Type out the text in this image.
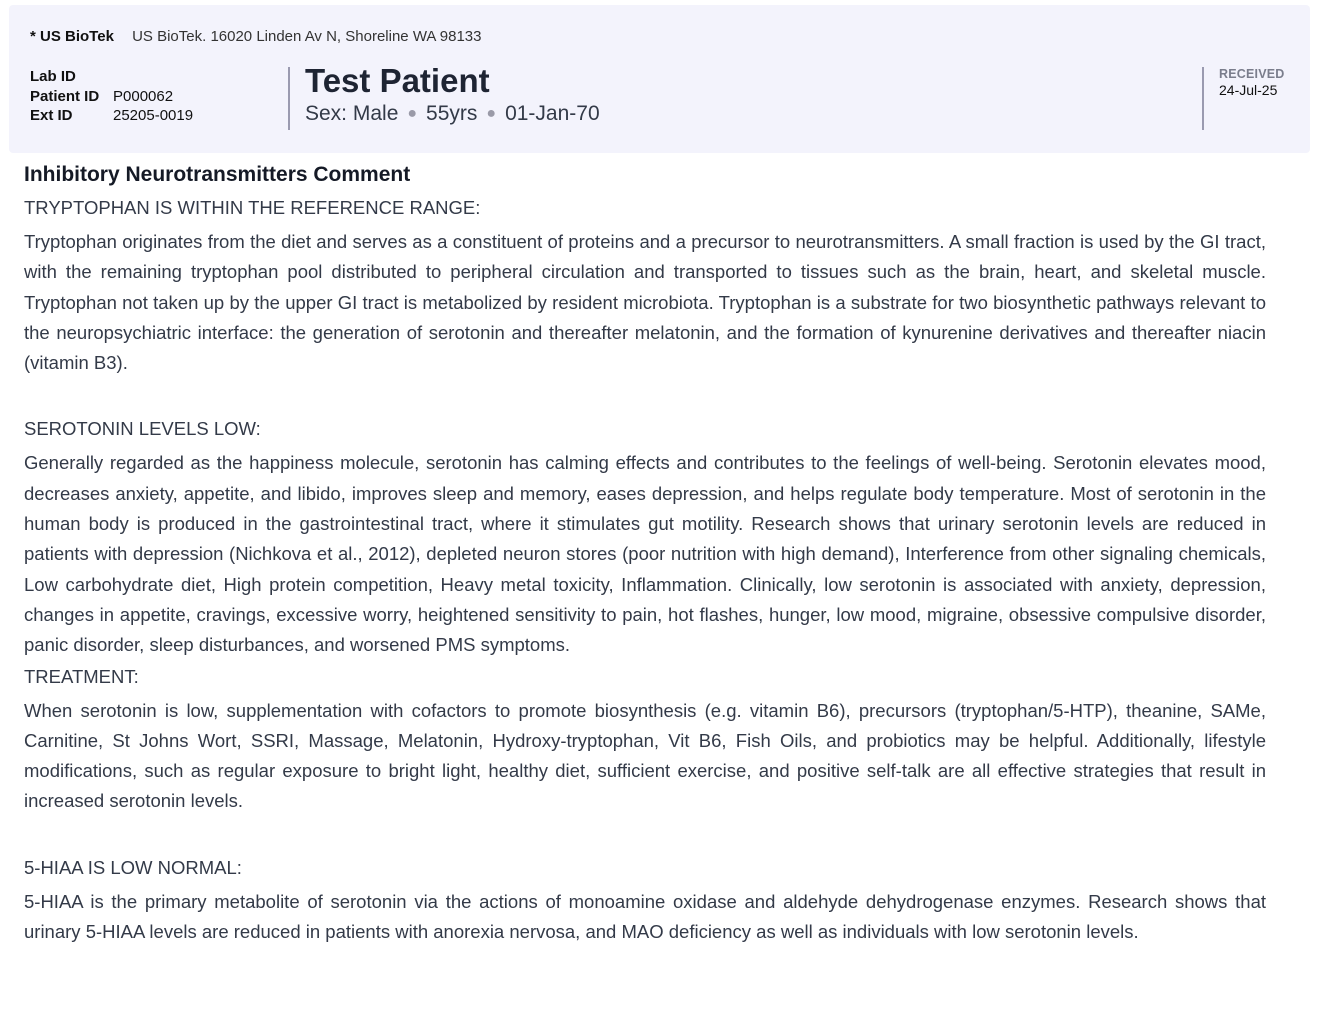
* US BioTek US BioTek. 16020 Linden Av N, Shoreline WA 98133
Lab ID
Patient ID P000062
Ext ID	25205-0019
Test Patient
Sex: Male ● 55yrs ● 01-Jan-70
RECEIVED
24-Jul-25
Inhibitory Neurotransmitters Comment
TRYPTOPHAN IS WITHIN THE REFERENCE RANGE:

Tryptophan originates from the diet and serves as a constituent of proteins and a precursor to neurotransmitters. A small fraction is used by the GI tract, with the remaining tryptophan pool distributed to peripheral circulation and transported to tissues such as the brain, heart, and skeletal muscle. Tryptophan not taken up by the upper GI tract is metabolized by resident microbiota. Tryptophan is a substrate for two biosynthetic pathways relevant to the neuropsychiatric interface: the generation of serotonin and thereafter melatonin, and the formation of kynurenine derivatives and thereafter niacin (vitamin B3).

SEROTONIN LEVELS LOW:

Generally regarded as the happiness molecule, serotonin has calming effects and contributes to the feelings of well-being. Serotonin elevates mood, decreases anxiety, appetite, and libido, improves sleep and memory, eases depression, and helps regulate body temperature. Most of serotonin in the human body is produced in the gastrointestinal tract, where it stimulates gut motility. Research shows that urinary serotonin levels are reduced in patients with depression (Nichkova et al., 2012), depleted neuron stores (poor nutrition with high demand), Interference from other signaling chemicals, Low carbohydrate diet, High protein competition, Heavy metal toxicity, Inflammation. Clinically, low serotonin is associated with anxiety, depression, changes in appetite, cravings, excessive worry, heightened sensitivity to pain, hot flashes, hunger, low mood, migraine, obsessive compulsive disorder, panic disorder, sleep disturbances, and worsened PMS symptoms.

TREATMENT:

When serotonin is low, supplementation with cofactors to promote biosynthesis (e.g. vitamin B6), precursors (tryptophan/5-HTP), theanine, SAMe, Carnitine, St Johns Wort, SSRI, Massage, Melatonin, Hydroxy-tryptophan, Vit B6, Fish Oils, and probiotics may be helpful. Additionally, lifestyle modifications, such as regular exposure to bright light, healthy diet, sufficient exercise, and positive self-talk are all effective strategies that result in increased serotonin levels.

5-HIAA IS LOW NORMAL:

5-HIAA is the primary metabolite of serotonin via the actions of monoamine oxidase and aldehyde dehydrogenase enzymes. Research shows that urinary 5-HIAA levels are reduced in patients with anorexia nervosa, and MAO deficiency as well as individuals with low serotonin levels.
